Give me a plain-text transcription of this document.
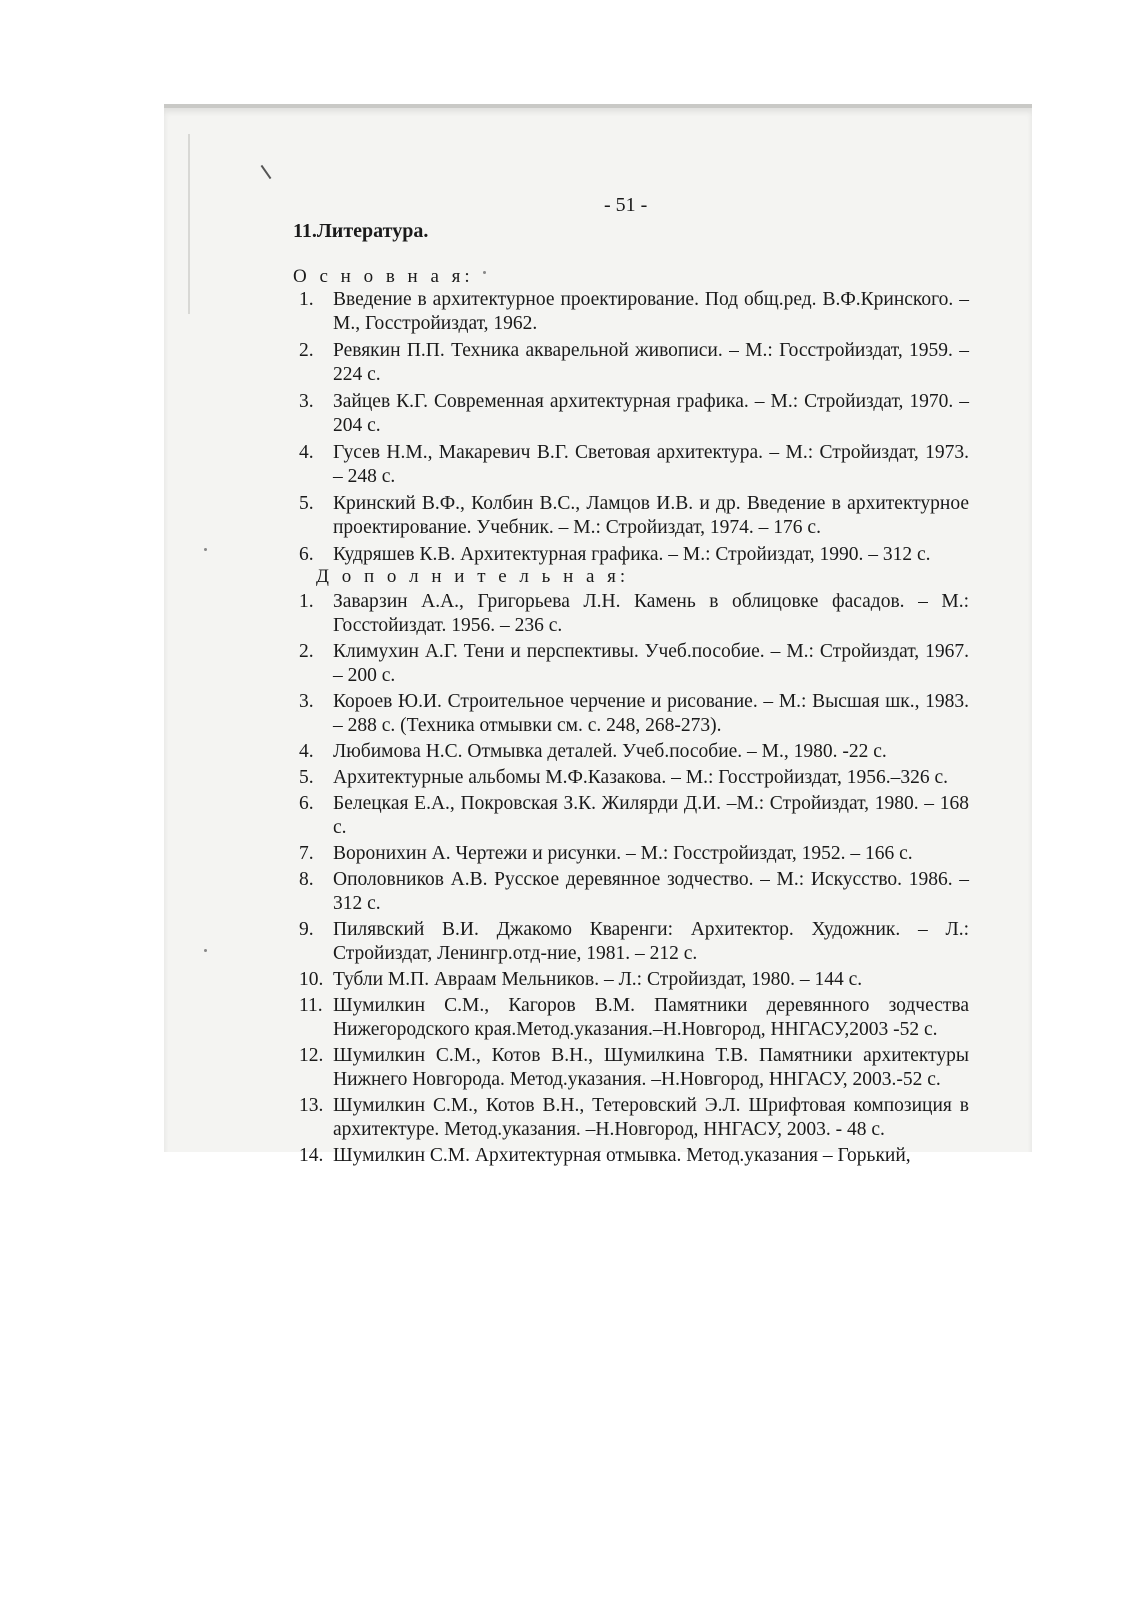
- 51 -
11.Литература.
О с н о в н а я:
1. Введение в архитектурное проектирование. Под общ.ред. В.Ф.Кринского. –М., Госстройиздат, 1962.
2. Ревякин П.П. Техника акварельной живописи. – М.: Госстройиздат, 1959. – 224 с.
3. Зайцев К.Г. Современная архитектурная графика. – М.: Стройиздат, 1970. – 204 с.
4. Гусев Н.М., Макаревич В.Г. Световая архитектура. – М.: Стройиздат, 1973. – 248 с.
5. Кринский В.Ф., Колбин В.С., Ламцов И.В. и др. Введение в архитектурное проектирование. Учебник. – М.: Стройиздат, 1974. – 176 с.
6. Кудряшев К.В. Архитектурная графика. – М.: Стройиздат, 1990. – 312 с.
Д о п о л н и т е л ь н а я:
1. Заварзин А.А., Григорьева Л.Н. Камень в облицовке фасадов. – М.: Госстойиздат. 1956. – 236 с.
2. Климухин А.Г. Тени и перспективы. Учеб.пособие. – М.: Стройиздат, 1967. – 200 с.
3. Короев Ю.И. Строительное черчение и рисование. – М.: Высшая шк., 1983. – 288 с. (Техника отмывки см. с. 248, 268-273).
4. Любимова Н.С. Отмывка деталей. Учеб.пособие. – М., 1980. -22 с.
5. Архитектурные альбомы М.Ф.Казакова. – М.: Госстройиздат, 1956.–326 с.
6. Белецкая Е.А., Покровская З.К. Жилярди Д.И. –М.: Стройиздат, 1980. – 168 с.
7. Воронихин А. Чертежи и рисунки. – М.: Госстройиздат, 1952. – 166 с.
8. Ополовников А.В. Русское деревянное зодчество. – М.: Искусство. 1986. – 312 с.
9. Пилявский В.И. Джакомо Кваренги: Архитектор. Художник. – Л.: Стройиздат, Ленингр.отд-ние, 1981. – 212 с.
10. Тубли М.П. Авраам Мельников. – Л.: Стройиздат, 1980. – 144 с.
11. Шумилкин С.М., Кагоров В.М. Памятники деревянного зодчества Нижегородского края.Метод.указания.–Н.Новгород, ННГАСУ,2003 -52 с.
12. Шумилкин С.М., Котов В.Н., Шумилкина Т.В. Памятники архитектуры Нижнего Новгорода. Метод.указания. –Н.Новгород, ННГАСУ, 2003.-52 с.
13. Шумилкин С.М., Котов В.Н., Тетеровский Э.Л. Шрифтовая композиция в архитектуре. Метод.указания. –Н.Новгород, ННГАСУ, 2003. - 48 с.
14. Шумилкин С.М. Архитектурная отмывка. Метод.указания – Горький,
